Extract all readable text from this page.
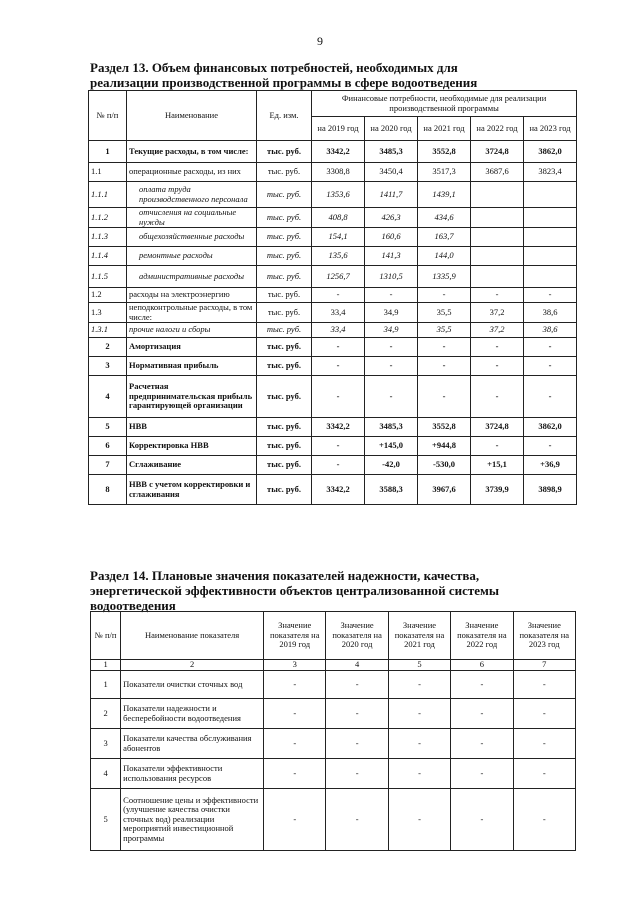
9
Раздел 13. Объем финансовых потребностей, необходимых для
реализации производственной программы в сфере водоотведения
№ п/п	Наименование	Ед. изм.	Финансовые потребности, необходимые для реализации производственной программы				
			на 2019 год	на 2020 год	на 2021 год	на 2022 год	на 2023 год
1	Текущие расходы, в том числе:	тыс. руб.	3342,2	3485,3	3552,8	3724,8	3862,0
1.1	операционные расходы, из них	тыс. руб.	3308,8	3450,4	3517,3	3687,6	3823,4
1.1.1	оплата труда производственного персонала	тыс. руб.	1353,6	1411,7	1439,1		
1.1.2	отчисления на социальные нужды	тыс. руб.	408,8	426,3	434,6		
1.1.3	общехозяйственные расходы	тыс. руб.	154,1	160,6	163,7		
1.1.4	ремонтные расходы	тыс. руб.	135,6	141,3	144,0		
1.1.5	административные расходы	тыс. руб.	1256,7	1310,5	1335,9		
1.2	расходы на электроэнергию	тыс. руб.	-	-	-	-	-
1.3	неподконтрольные расходы, в том числе:	тыс. руб.	33,4	34,9	35,5	37,2	38,6
1.3.1	прочие налоги и сборы	тыс. руб.	33,4	34,9	35,5	37,2	38,6
2	Амортизация	тыс. руб.	-	-	-	-	-
3	Нормативная прибыль	тыс. руб.	-	-	-	-	-
4	Расчетная предпринимательская прибыль гарантирующей организации	тыс. руб.	-	-	-	-	-
5	НВВ	тыс. руб.	3342,2	3485,3	3552,8	3724,8	3862,0
6	Корректировка НВВ	тыс. руб.	-	+145,0	+944,8	-	-
7	Сглаживание	тыс. руб.	-	-42,0	-530,0	+15,1	+36,9
8	НВВ с учетом корректировки и сглаживания	тыс. руб.	3342,2	3588,3	3967,6	3739,9	3898,9
Раздел 14. Плановые значения показателей надежности, качества,
энергетической эффективности объектов централизованной системы
водоотведения
№ п/п	Наименование показателя	Значение показателя на 2019 год	Значение показателя на 2020 год	Значение показателя на 2021 год	Значение показателя на 2022 год	Значение показателя на 2023 год
1	2	3	4	5	6	7
1	Показатели очистки сточных вод	-	-	-	-	-
2	Показатели надежности и бесперебойности водоотведения	-	-	-	-	-
3	Показатели качества обслуживания абонентов	-	-	-	-	-
4	Показатели эффективности использования ресурсов	-	-	-	-	-
5	Соотношение цены и эффективности (улучшение качества очистки сточных вод) реализации мероприятий инвестиционной программы	-	-	-	-	-
